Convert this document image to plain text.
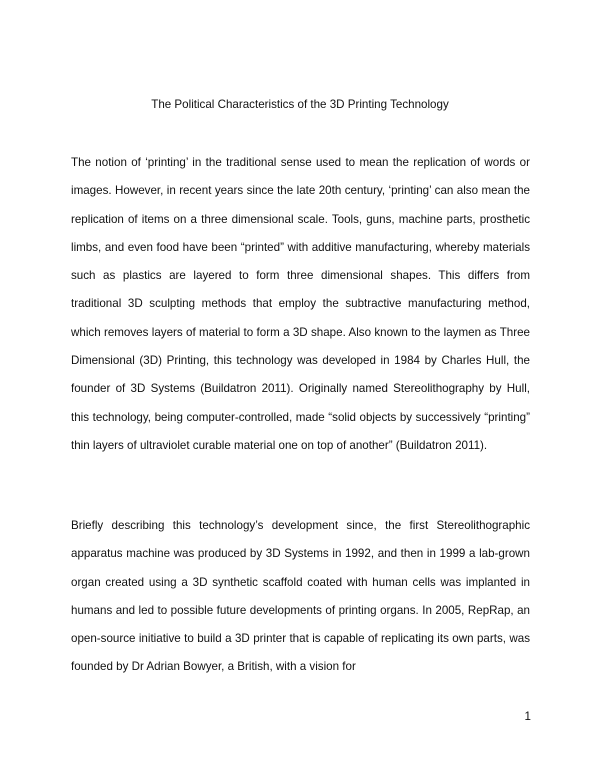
The Political Characteristics of the 3D Printing Technology

The notion of ‘printing’ in the traditional sense used to mean the replication of words or images. However, in recent years since the late 20th century, ‘printing’ can also mean the replication of items on a three dimensional scale. Tools, guns, machine parts, prosthetic limbs, and even food have been “printed” with additive manufacturing, whereby materials such as plastics are layered to form three dimensional shapes. This differs from traditional 3D sculpting methods that employ the subtractive manufacturing method, which removes layers of material to form a 3D shape. Also known to the laymen as Three Dimensional (3D) Printing, this technology was developed in 1984 by Charles Hull, the founder of 3D Systems (Buildatron 2011). Originally named Stereolithography by Hull, this technology, being computer-controlled, made “solid objects by successively “printing” thin layers of ultraviolet curable material one on top of another” (Buildatron 2011).

Briefly describing this technology’s development since, the first Stereolithographic apparatus machine was produced by 3D Systems in 1992, and then in 1999 a lab-grown organ created using a 3D synthetic scaffold coated with human cells was implanted in humans and led to possible future developments of printing organs. In 2005, RepRap, an open-source initiative to build a 3D printer that is capable of replicating its own parts, was founded by Dr Adrian Bowyer, a British, with a vision for

1
